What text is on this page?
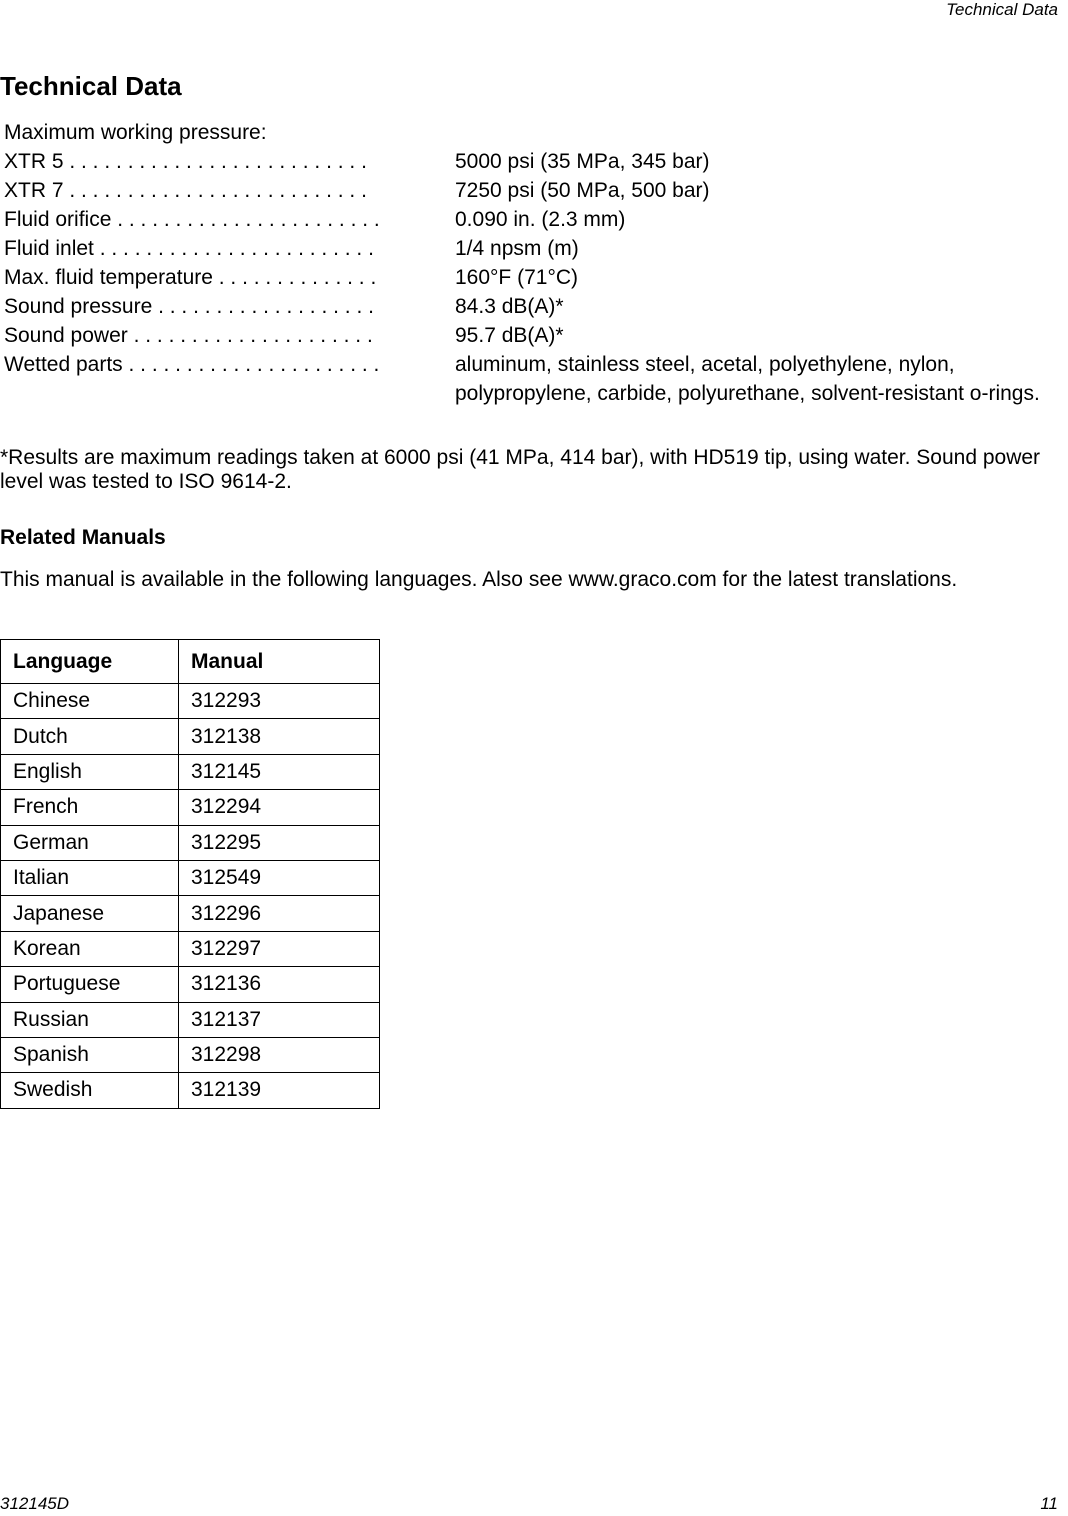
Technical Data
Technical Data
Maximum working pressure:
XTR 5 . . . . . . . . . . . . . . . . . . . . . . . . . .	5000 psi (35 MPa, 345 bar)
XTR 7 . . . . . . . . . . . . . . . . . . . . . . . . . .	7250 psi (50 MPa, 500 bar)
Fluid orifice . . . . . . . . . . . . . . . . . . . . . . .	0.090 in. (2.3 mm)
Fluid inlet . . . . . . . . . . . . . . . . . . . . . . . .	1/4 npsm (m)
Max. fluid temperature . . . . . . . . . . . . . .	160°F (71°C)
Sound pressure . . . . . . . . . . . . . . . . . . .	84.3 dB(A)*
Sound power . . . . . . . . . . . . . . . . . . . . .	95.7 dB(A)*
Wetted parts . . . . . . . . . . . . . . . . . . . . . .	aluminum, stainless steel, acetal, polyethylene, nylon, polypropylene, carbide, polyurethane, solvent-resistant o-rings.
*Results are maximum readings taken at 6000 psi (41 MPa, 414 bar), with HD519 tip, using water. Sound power level was tested to ISO 9614-2.
Related Manuals
This manual is available in the following languages. Also see www.graco.com for the latest translations.
Language	Manual
Chinese	312293
Dutch	312138
English	312145
French	312294
German	312295
Italian	312549
Japanese	312296
Korean	312297
Portuguese	312136
Russian	312137
Spanish	312298
Swedish	312139
312145D	11
